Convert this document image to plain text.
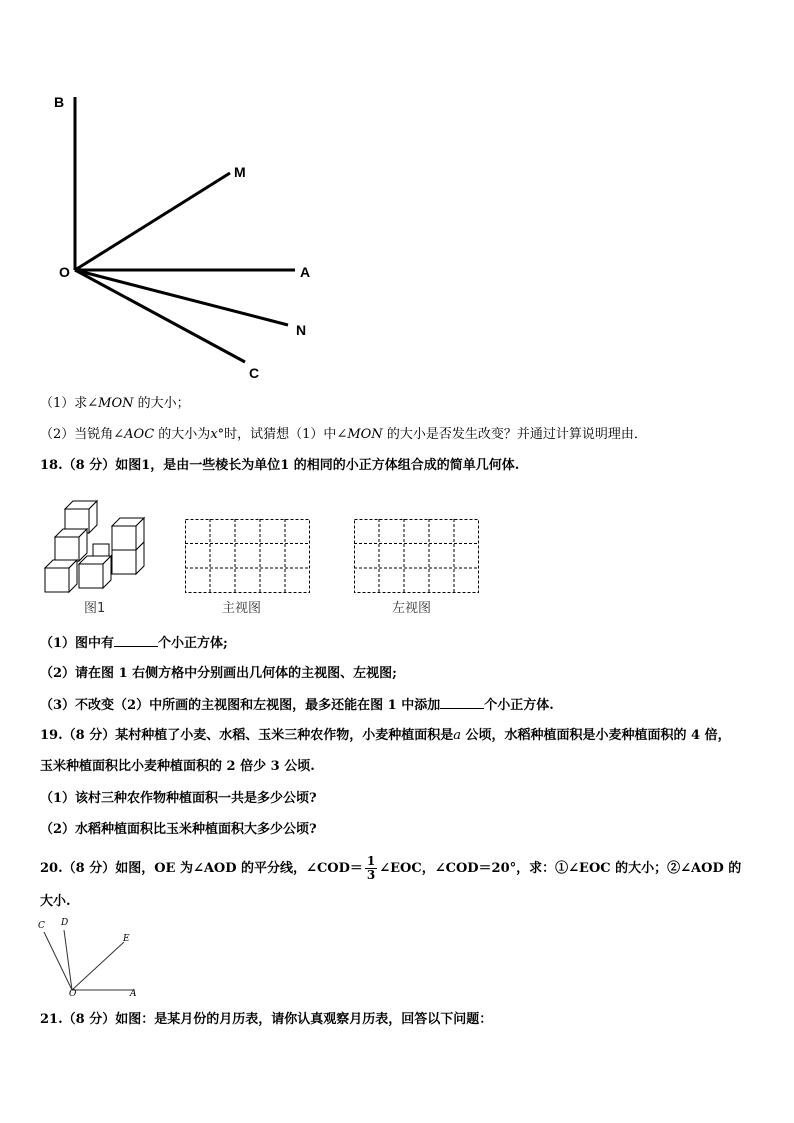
B
M
O	A
N
C
（1）求∠MON 的大小；
（2）当锐角∠AOC 的大小为x°时，试猜想（1）中∠MON 的大小是否发生改变？并通过计算说明理由．
18.（8 分）如图1，是由一些棱长为单位1 的相同的小正方体组合成的简单几何体.
图1	主视图	左视图
（1）图中有	个小正方体;
（2）请在图 1 右侧方格中分别画出几何体的主视图、左视图;
（3）不改变（2）中所画的主视图和左视图，最多还能在图 1 中添加	个小正方体.
19.（8 分）某村种植了小麦、水稻、玉米三种农作物，小麦种植面积是a 公顷，水稻种植面积是小麦种植面积的 4 倍，
玉米种植面积比小麦种植面积的 2 倍少 3 公顷.
（1）该村三种农作物种植面积一共是多少公顷?
（2）水稻种植面积比玉米种植面积大多少公顷?
20.（8 分）如图，OE 为∠AOD 的平分线，∠COD＝ $\frac{1}{3}$ ∠EOC，∠COD＝20°，求：①∠EOC 的大小；②∠AOD 的
大小.
C D
E
O	A
21.（8 分）如图：是某月份的月历表，请你认真观察月历表，回答以下问题：
